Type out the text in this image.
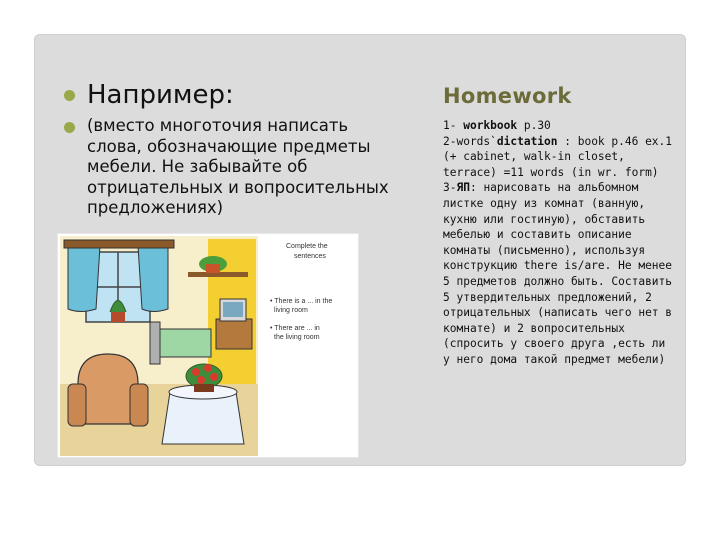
Например:
(вместо многоточия написать слова, обозначающие предметы мебели. Не забывайте об отрицательных и вопросительных предложениях)
Complete the
sentences
• There is a ... in the
living room
• There are ... in
the living room
Homework
1- workbook p.30
2-words`dictation : book p.46 ex.1 (+ cabinet, walk-in closet, terrace) =11 words (in wr. form)
3-ЯП: нарисовать на альбомном листке одну из комнат (ванную, кухню или гостиную), обставить мебелью и составить описание комнаты (письменно), используя конструкцию there is/are. Не менее 5 предметов должно быть. Составить 5 утвердительных предложений, 2 отрицательных (написать чего нет в комнате) и 2 вопросительных (спросить у своего друга ,есть ли у него дома такой предмет мебели)
